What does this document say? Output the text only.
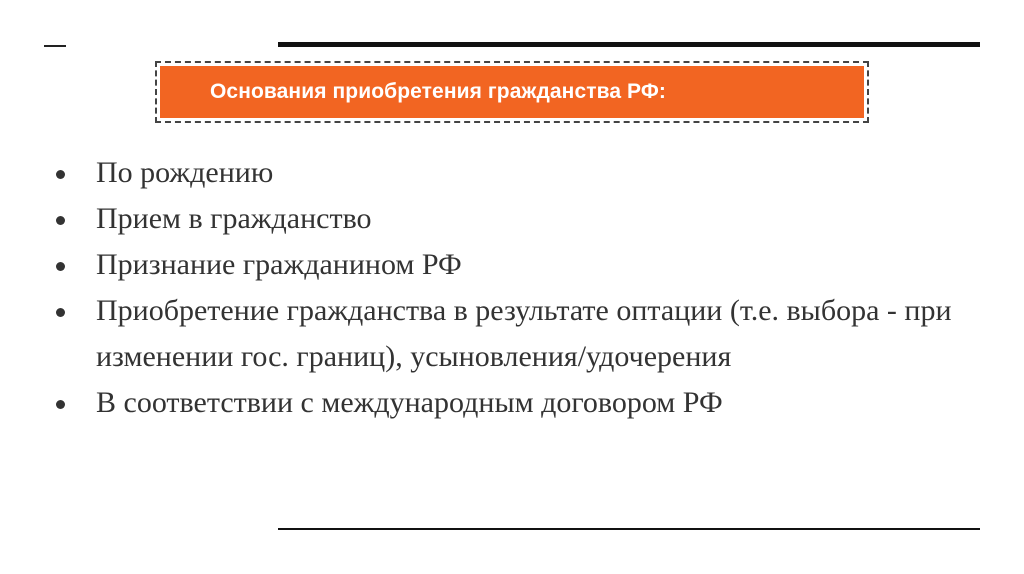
Основания приобретения гражданства РФ:
По рождению
Прием в гражданство
Признание гражданином РФ
Приобретение гражданства в результате оптации (т.е. выбора - при изменении гос. границ), усыновления/удочерения
В соответствии с международным договором РФ
